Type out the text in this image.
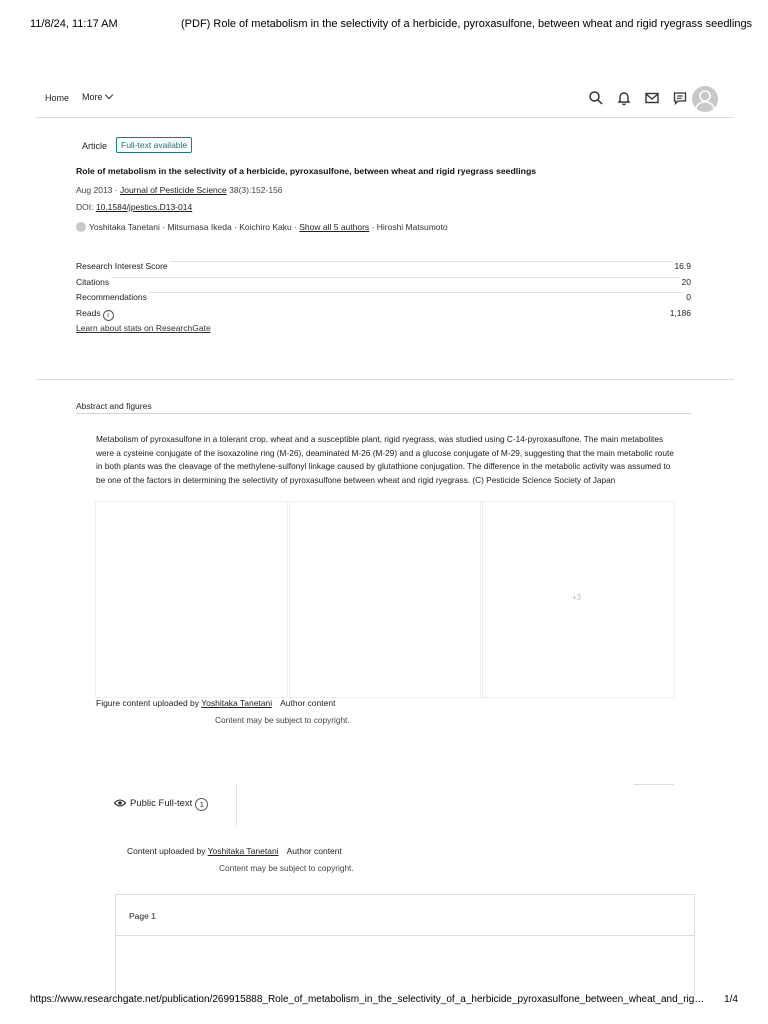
11/8/24, 11:17 AM	(PDF) Role of metabolism in the selectivity of a herbicide, pyroxasulfone, between wheat and rigid ryegrass seedlings
Home More
Article	Full-text available
Role of metabolism in the selectivity of a herbicide, pyroxasulfone, between wheat and rigid ryegrass seedlings
Aug 2013 · Journal of Pesticide Science 38(3):152-156
DOI: 10.1584/jpestics.D13-014
Yoshitaka Tanetani · Mitsumasa Ikeda · Koichiro Kaku · Show all 5 authors · Hiroshi Matsumoto
Research Interest Score	16.9
Citations	20
Recommendations	0
Reads i	1,186
Learn about stats on ResearchGate
Abstract and figures
Metabolism of pyroxasulfone in a tolerant crop, wheat and a susceptible plant, rigid ryegrass, was studied using C-14-pyroxasulfone. The main metabolites were a cysteine conjugate of the isoxazoline ring (M-26), deaminated M-26 (M-29) and a glucose conjugate of M-29, suggesting that the main metabolic route in both plants was the cleavage of the methylene-sulfonyl linkage caused by glutathione conjugation. The difference in the metabolic activity was assumed to be one of the factors in determining the selectivity of pyroxasulfone between wheat and rigid ryegrass. (C) Pesticide Science Society of Japan
+3
Figure content uploaded by Yoshitaka Tanetani Author content
Content may be subject to copyright.
Public Full-text 1
Content uploaded by Yoshitaka Tanetani Author content
Content may be subject to copyright.
Page 1
https://www.researchgate.net/publication/269915888_Role_of_metabolism_in_the_selectivity_of_a_herbicide_pyroxasulfone_between_wheat_and_rig…	1/4
